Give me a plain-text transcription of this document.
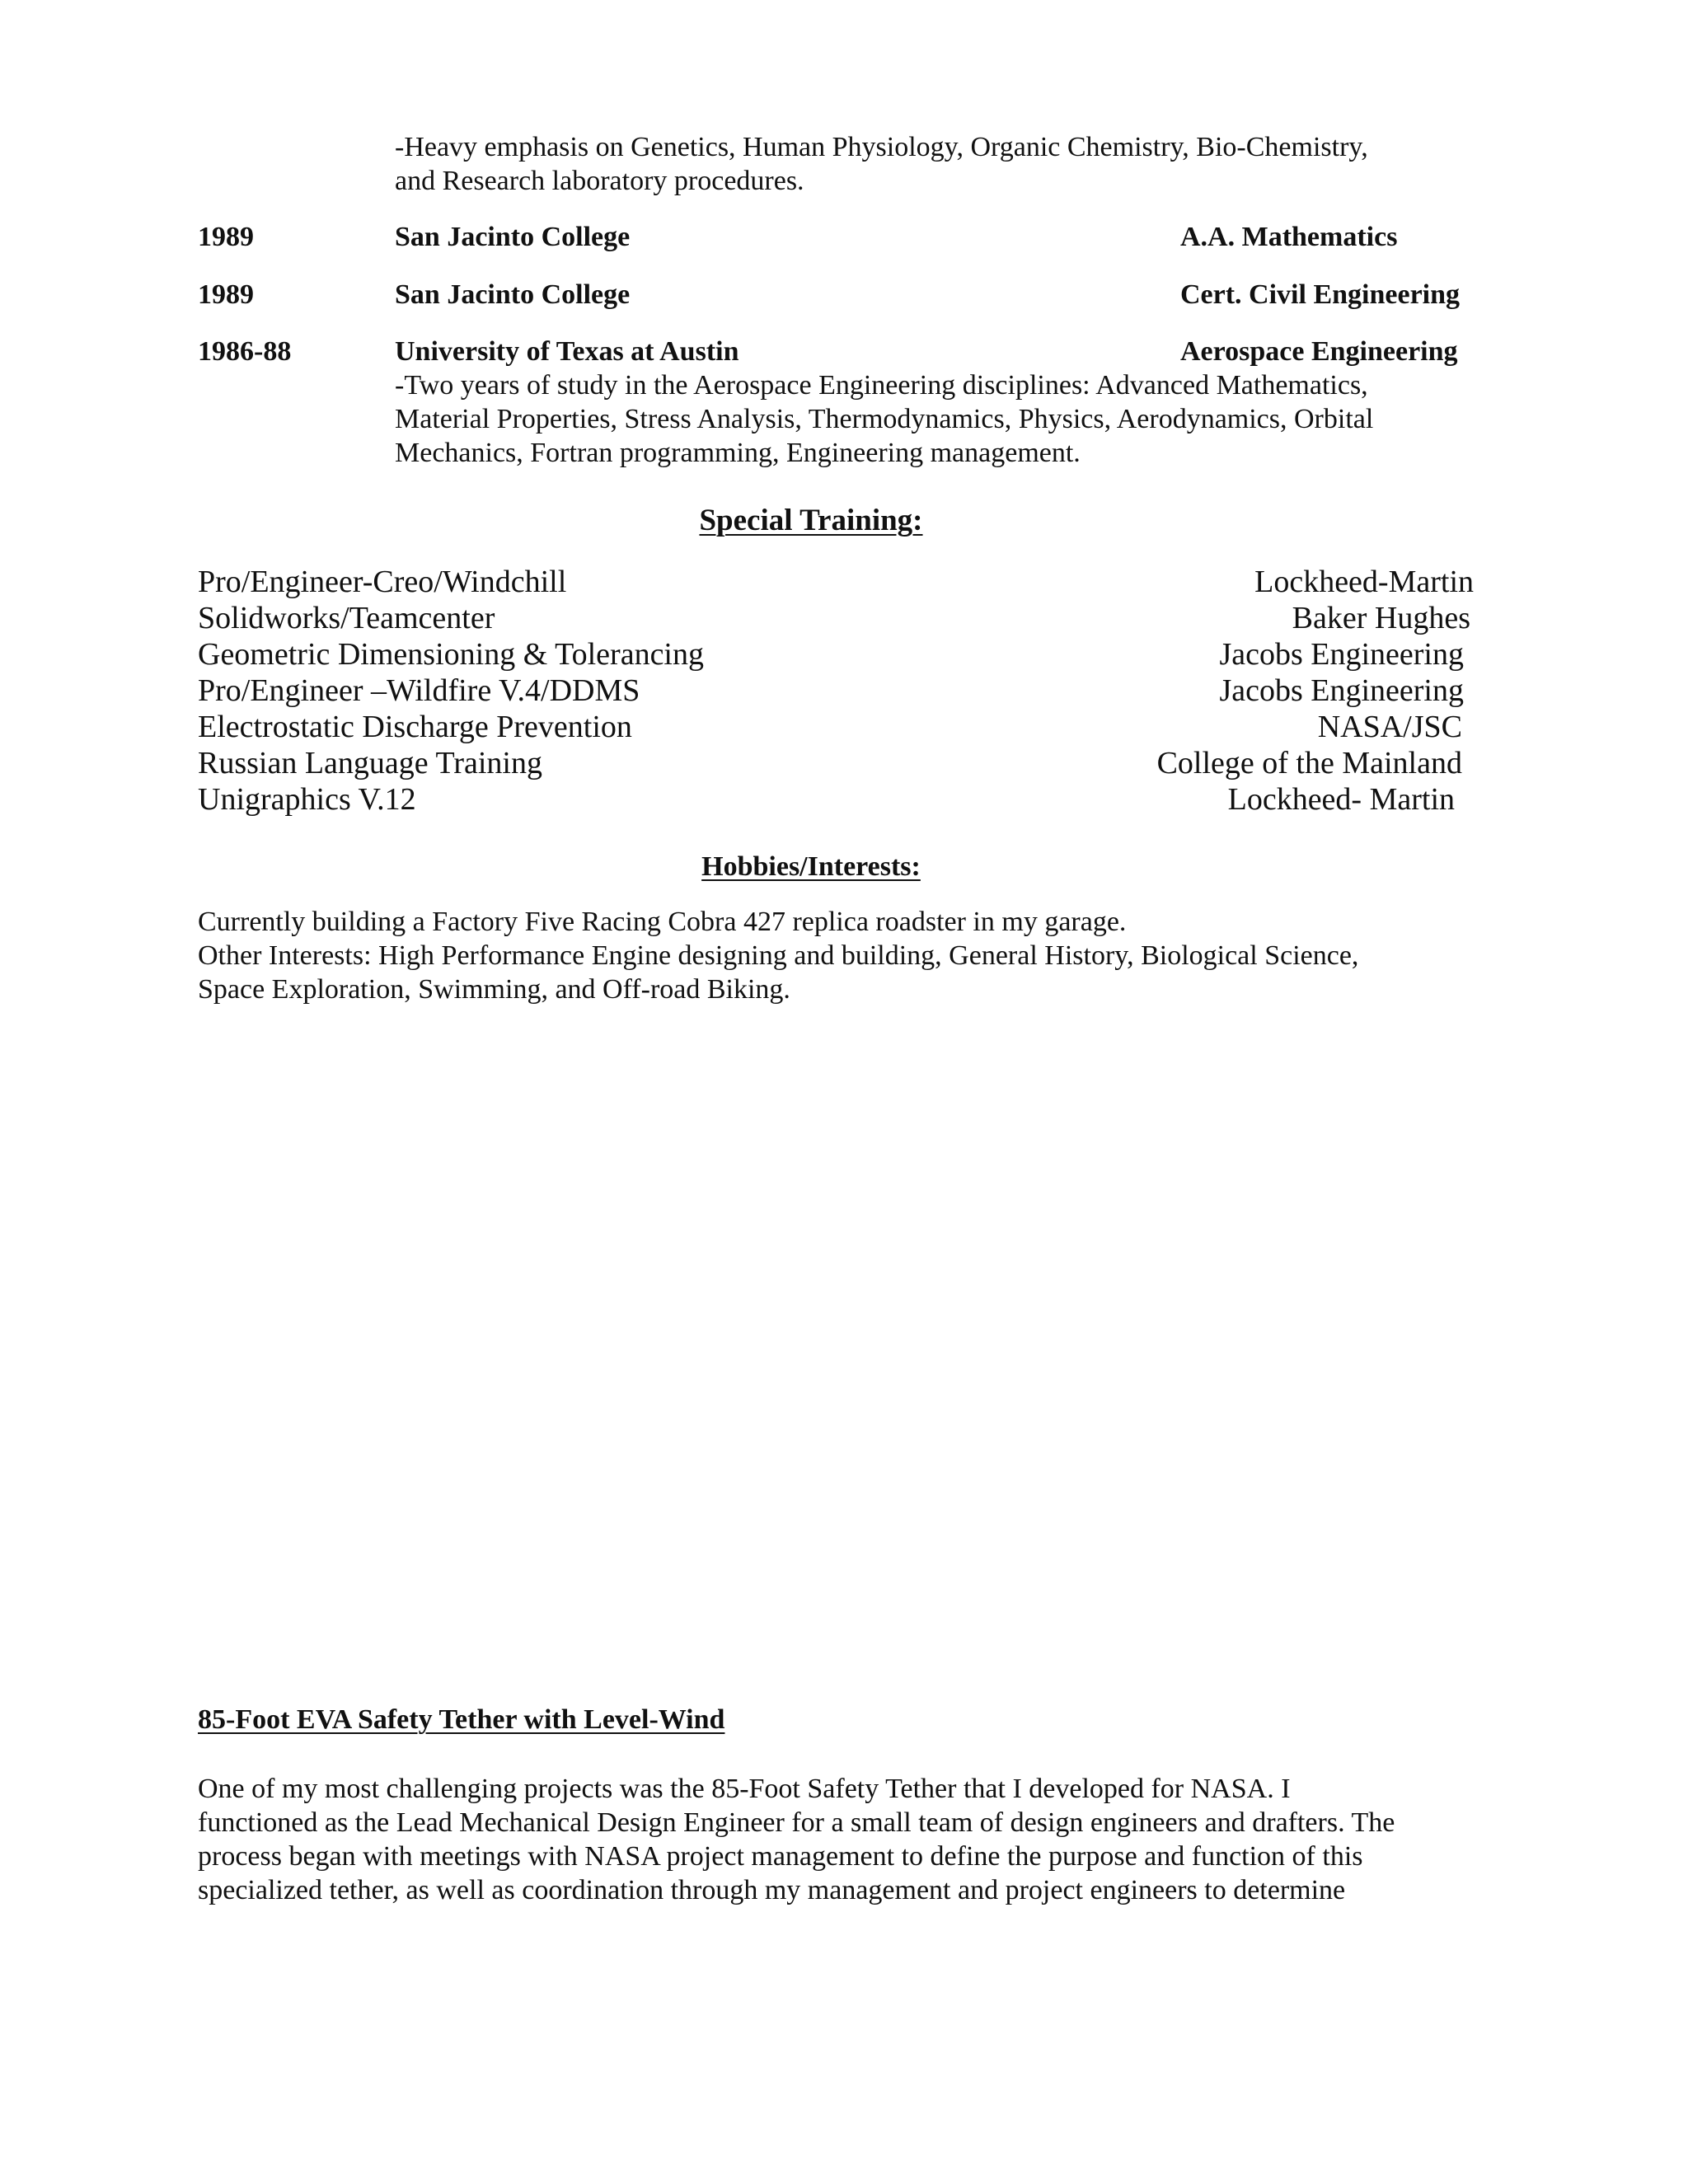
-Heavy emphasis on Genetics, Human Physiology, Organic Chemistry, Bio-Chemistry,
and Research laboratory procedures.
1989	San Jacinto College	A.A. Mathematics
1989	San Jacinto College	Cert. Civil Engineering
1986-88	University of Texas at Austin	Aerospace Engineering
-Two years of study in the Aerospace Engineering disciplines: Advanced Mathematics,
Material Properties, Stress Analysis, Thermodynamics, Physics, Aerodynamics, Orbital
Mechanics, Fortran programming, Engineering management.
Special Training:
Pro/Engineer-Creo/Windchill	Lockheed-Martin
Solidworks/Teamcenter	Baker Hughes
Geometric Dimensioning & Tolerancing	Jacobs Engineering
Pro/Engineer –Wildfire V.4/DDMS	Jacobs Engineering
Electrostatic Discharge Prevention	NASA/JSC
Russian Language Training	College of the Mainland
Unigraphics V.12	Lockheed- Martin
Hobbies/Interests:
Currently building a Factory Five Racing Cobra 427 replica roadster in my garage.
Other Interests: High Performance Engine designing and building, General History, Biological Science,
Space Exploration, Swimming, and Off-road Biking.
85-Foot EVA Safety Tether with Level-Wind
One of my most challenging projects was the 85-Foot Safety Tether that I developed for NASA. I
functioned as the Lead Mechanical Design Engineer for a small team of design engineers and drafters. The
process began with meetings with NASA project management to define the purpose and function of this
specialized tether, as well as coordination through my management and project engineers to determine
